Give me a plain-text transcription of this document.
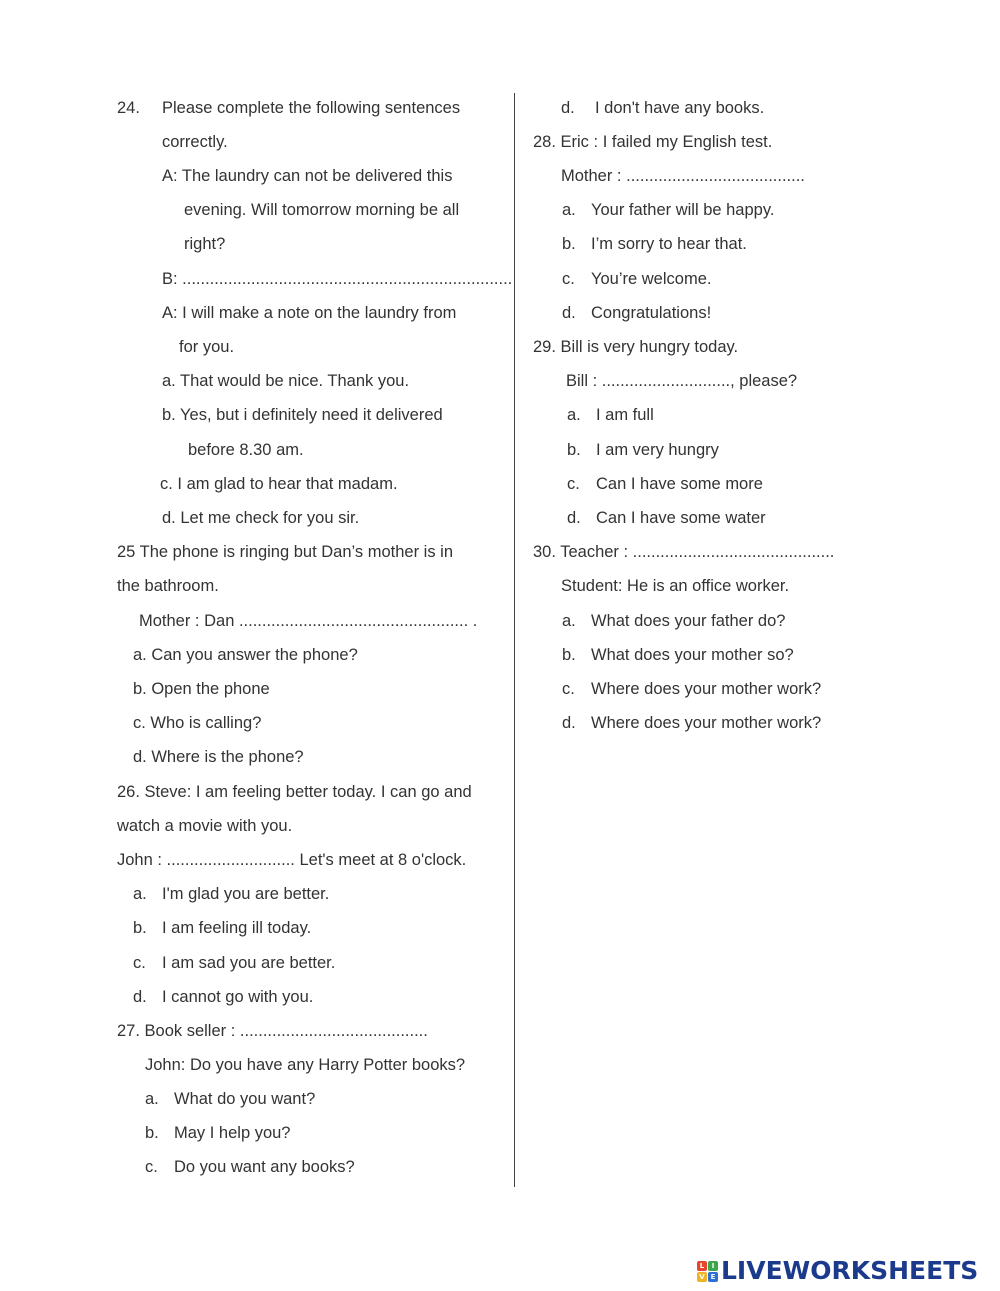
24. Please complete the following sentences

correctly.

A: The laundry can not be delivered this

evening. Will tomorrow morning be all

right?

B: ........................................................................

A: I will make a note on the laundry from

for you.

a. That would be nice. Thank you.

b. Yes, but i definitely need it delivered

before 8.30 am.

c. I am glad to hear that madam.

d. Let me check for you sir.

25 The phone is ringing but Dan’s mother is in

the bathroom.

Mother : Dan .................................................. .

a. Can you answer the phone?

b. Open the phone

c. Who is calling?

d. Where is the phone?

26. Steve: I am feeling better today. I can go and

watch a movie with you.

John : ............................ Let's meet at 8 o'clock.

a. I'm glad you are better.

b. I am feeling ill today.

c. I am sad you are better.

d. I cannot go with you.

27. Book seller : .........................................

John: Do you have any Harry Potter books?

a. What do you want?

b. May I help you?

c. Do you want any books?

d. I don't have any books.

28. Eric : I failed my English test.

Mother : .......................................

a. Your father will be happy.

b. I’m sorry to hear that.

c. You’re welcome.

d. Congratulations!

29. Bill is very hungry today.

Bill : ............................, please?

a. I am full

b. I am very hungry

c. Can I have some more

d. Can I have some water

30. Teacher : ............................................

Student: He is an office worker.

a. What does your father do?

b. What does your mother so?

c. Where does your mother work?

d. Where does your mother work?

L	I
V E LIVEWORKSHEETS
